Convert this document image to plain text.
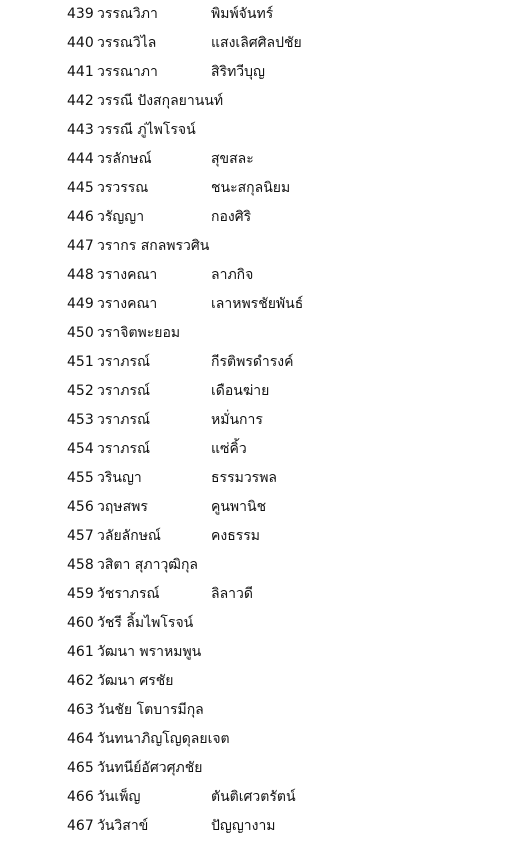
439 วรรณวิภา	พิมพ์จันทร์
440 วรรณวิไล	แสงเลิศศิลปชัย
441 วรรณาภา	สิริทวีบุญ
442 วรรณี ปังสกุลยานนท์
443 วรรณี ภู่ไพโรจน์
444 วรลักษณ์	สุขสละ
445 วรวรรณ	ชนะสกุลนิยม
446 วรัญญา	กองศิริ
447 วรากร สกลพรวศิน
448 วรางคณา	ลาภกิจ
449 วรางคณา	เลาหพรชัยพันธ์
450 วราจิตพะยอม
451 วราภรณ์	กีรติพรดำรงค์
452 วราภรณ์	เดือนฆ่าย
453 วราภรณ์	หมั่นการ
454 วราภรณ์	แซ่คิ้ว
455 วรินญา	ธรรมวรพล
456 วฤษสพร	คูนพานิช
457 วลัยลักษณ์	คงธรรม
458 วสิตา สุภาวุฒิกุล
459 วัชราภรณ์	ลิลาวดี
460 วัชรี ลิ้มไพโรจน์
461 วัฒนา พราหมพูน
462 วัฒนา ศรชัย
463 วันชัย โตบารมีกุล
464 วันทนาภิญโญดุลยเจต
465 วันทนีย์อัศวศุภชัย
466 วันเพ็ญ	ตันติเศวตรัตน์
467 วันวิสาข์	ปัญญางาม
